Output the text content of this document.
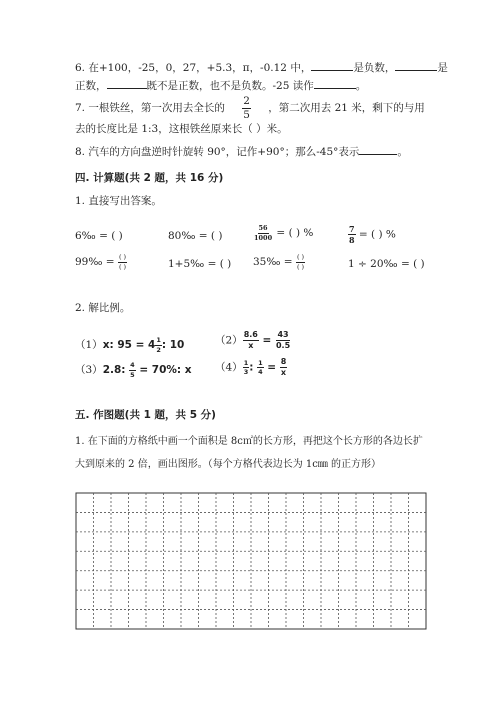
6. 在+100，-25，0，27，+5.3，π，-0.12 中，	是负数，	是
正数，	既不是正数，也不是负数。-25 读作	。
7. 一根铁丝，第一次用去全长的 $\frac{2}{5}$ ，第二次用去 21 米，剩下的与用
去的长度比是 1:3，这根铁丝原来长（ ）米。
8. 汽车的方向盘逆时针旋转 90°，记作+90°；那么-45°表示	。
四. 计算题(共 2 题，共 16 分)
1. 直接写出答案。
6‰ = ( )	80‰ = ( )	$\frac{56}{1000}$ = ( ) %	$\frac{7}{8}$ = ( ) %
99‰ = $\frac{( )}{( )}$	1+5‰ = ( ) 35‰ = $\frac{( )}{( )}$	1 ÷ 20‰ = ( )
2. 解比例。
（1）x: $95 = 4 \frac{1}{2}$ : 10	$(2) \frac{8.6}{x} = \frac{43}{0.5}$
（3）2.8: $\frac{4}{5} = 70\%$: x $(4) \frac{1}{3}$ : $\frac{1}{4} = \frac{8}{x}$
五. 作图题(共 1 题，共 5 分)
1. 在下面的方格纸中画一个面积是 8c㎡的长方形，再把这个长方形的各边长扩
大到原来的 2 倍，画出图形。（每个方格代表边长为 1c㎜ 的正方形）
